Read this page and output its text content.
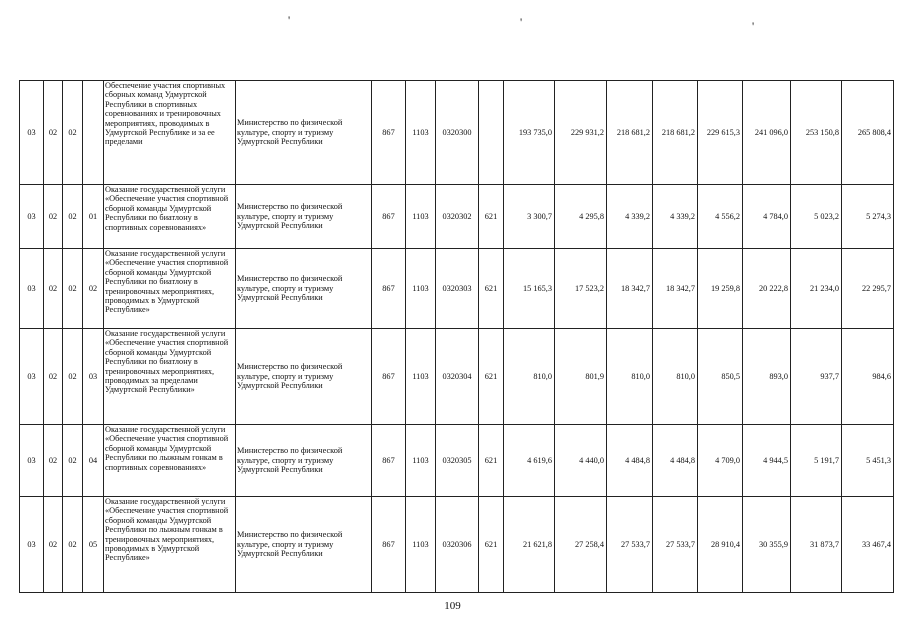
'	'	'
03	02	02		Обеспечение участия спортивных сборных команд Удмуртской Республики в спортивных соревнованиях и тренировочных мероприятиях, проводимых в Удмуртской Республике и за ее пределами	Министерство по физической культуре, спорту и туризму Удмуртской Республики	867	1103	0320300		193 735,0	229 931,2	218 681,2	218 681,2	229 615,3	241 096,0	253 150,8	265 808,4
03	02	02	01	Оказание государственной услуги «Обеспечение участия спортивной сборной команды Удмуртской Республики по биатлону в спортивных соревнованиях»	Министерство по физической культуре, спорту и туризму Удмуртской Республики	867	1103	0320302	621	3 300,7	4 295,8	4 339,2	4 339,2	4 556,2	4 784,0	5 023,2	5 274,3
03	02	02	02	Оказание государственной услуги «Обеспечение участия спортивной сборной команды Удмуртской Республики по биатлону в тренировочных мероприятиях, проводимых в Удмуртской Республике»	Министерство по физической культуре, спорту и туризму Удмуртской Республики	867	1103	0320303	621	15 165,3	17 523,2	18 342,7	18 342,7	19 259,8	20 222,8	21 234,0	22 295,7
03	02	02	03	Оказание государственной услуги «Обеспечение участия спортивной сборной команды Удмуртской Республики по биатлону в тренировочных мероприятиях, проводимых за пределами Удмуртской Республики»	Министерство по физической культуре, спорту и туризму Удмуртской Республики	867	1103	0320304	621	810,0	801,9	810,0	810,0	850,5	893,0	937,7	984,6
03	02	02	04	Оказание государственной услуги «Обеспечение участия спортивной сборной команды Удмуртской Республики по лыжным гонкам в спортивных соревнованиях»	Министерство по физической культуре, спорту и туризму Удмуртской Республики	867	1103	0320305	621	4 619,6	4 440,0	4 484,8	4 484,8	4 709,0	4 944,5	5 191,7	5 451,3
03	02	02	05	Оказание государственной услуги «Обеспечение участия спортивной сборной команды Удмуртской Республики по лыжным гонкам в тренировочных мероприятиях, проводимых в Удмуртской Республике»	Министерство по физической культуре, спорту и туризму Удмуртской Республики	867	1103	0320306	621	21 621,8	27 258,4	27 533,7	27 533,7	28 910,4	30 355,9	31 873,7	33 467,4
109
